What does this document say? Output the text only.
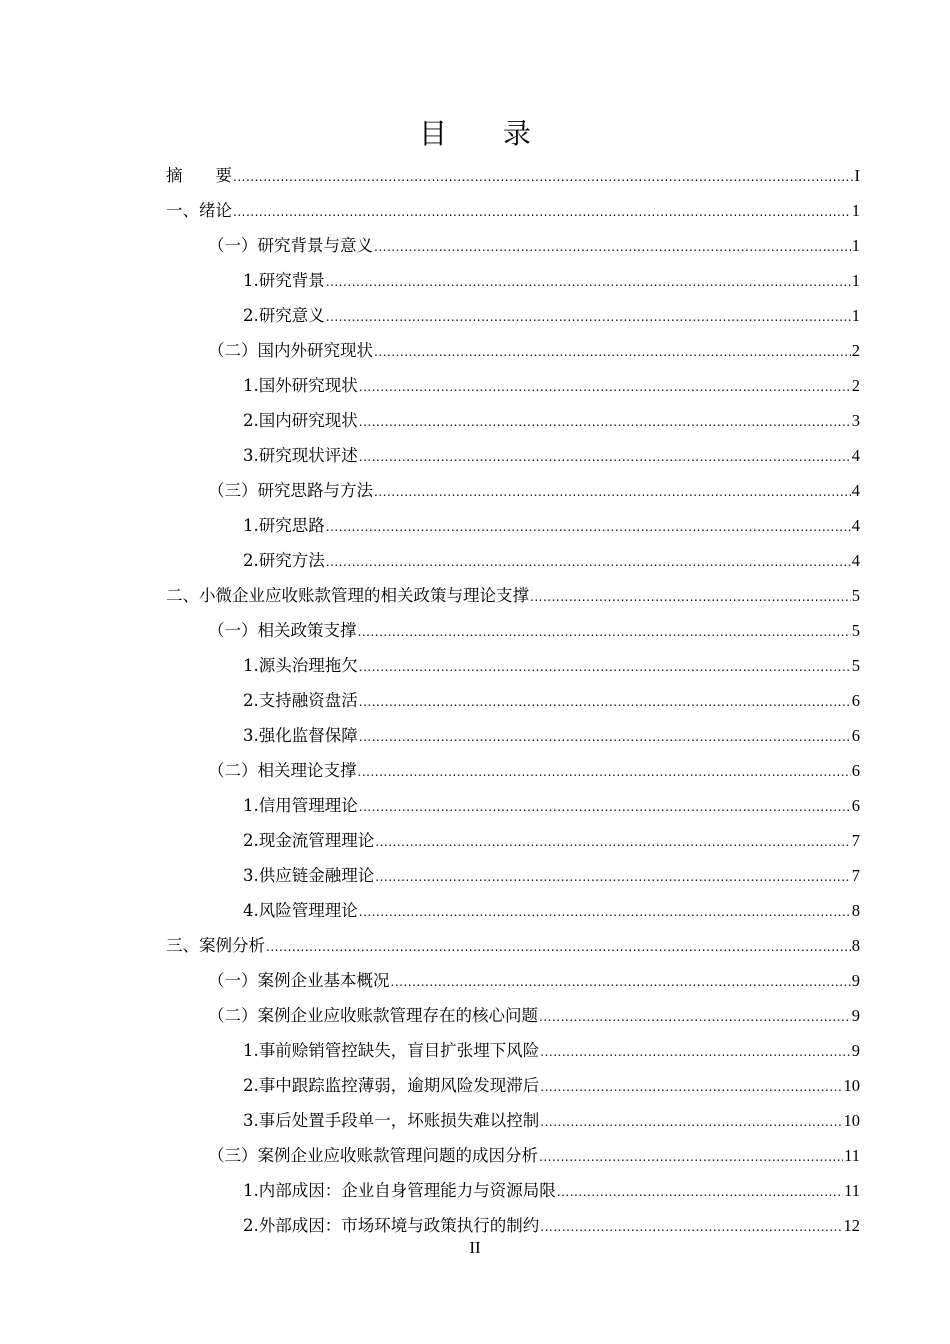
目　　录
摘　　要 .....	I
一、绪论 .....	1
（一）研究背景与意义 .....	1
1.研究背景 .....	1
2.研究意义 .....	1
（二）国内外研究现状 .....	2
1.国外研究现状 .....	2
2.国内研究现状 .....	3
3.研究现状评述 .....	4
（三）研究思路与方法 .....	4
1.研究思路 .....	4
2.研究方法 .....	4
二、小微企业应收账款管理的相关政策与理论支撑 .....	5
（一）相关政策支撑 .....	5
1.源头治理拖欠 .....	5
2.支持融资盘活 .....	6
3.强化监督保障 .....	6
（二）相关理论支撑 .....	6
1.信用管理理论 .....	6
2.现金流管理理论 .....	7
3.供应链金融理论 .....	7
4.风险管理理论 .....	8
三、案例分析 .....	8
（一）案例企业基本概况 .....	9
（二）案例企业应收账款管理存在的核心问题 .....	9
1.事前赊销管控缺失，盲目扩张埋下风险 .....	9
2.事中跟踪监控薄弱，逾期风险发现滞后 .....	10
3.事后处置手段单一，坏账损失难以控制 .....	10
（三）案例企业应收账款管理问题的成因分析 .....	11
1.内部成因：企业自身管理能力与资源局限 .....	11
2.外部成因：市场环境与政策执行的制约 .....	12
II
